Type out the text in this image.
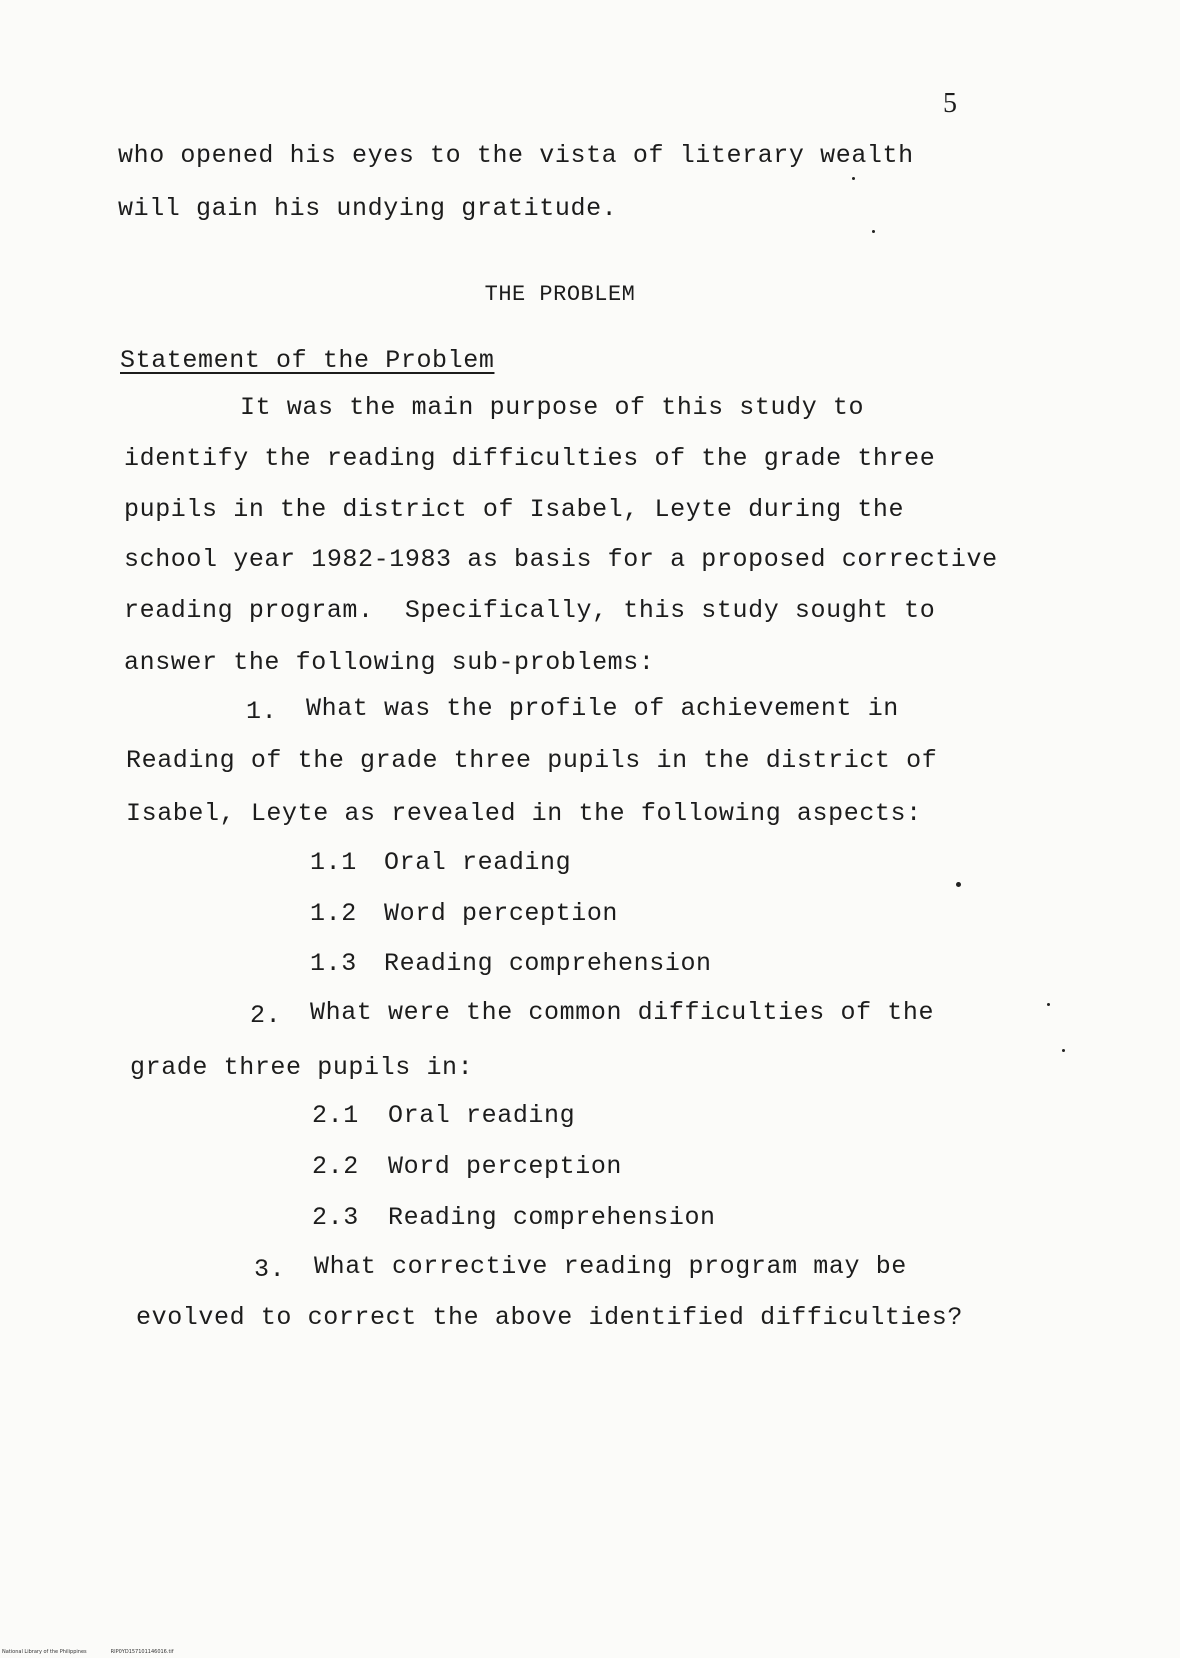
5
who opened his eyes to the vista of literary wealth
will gain his undying gratitude.
THE PROBLEM
Statement of the Problem
It was the main purpose of this study to
identify the reading difficulties of the grade three
pupils in the district of Isabel, Leyte during the
school year 1982-1983 as basis for a proposed corrective
reading program.  Specifically, this study sought to
answer the following sub-problems:
1. What was the profile of achievement in
Reading of the grade three pupils in the district of
Isabel, Leyte as revealed in the following aspects:
1.1 Oral reading
1.2 Word perception
1.3 Reading comprehension
2. What were the common difficulties of the
grade three pupils in:
2.1 Oral reading
2.2 Word perception
2.3 Reading comprehension
3. What corrective reading program may be
evolved to correct the above identified difficulties?
National Library of the Philippines	RIP0YD157101146016.tif
